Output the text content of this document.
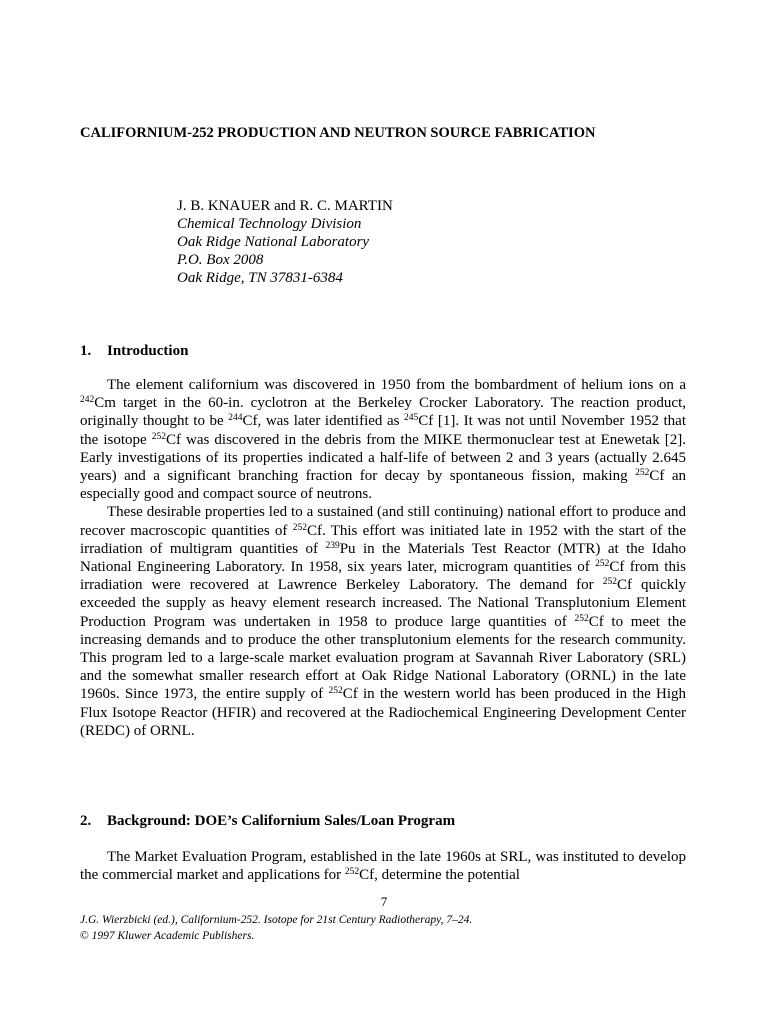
CALIFORNIUM-252 PRODUCTION AND NEUTRON SOURCE FABRICATION
J. B. KNAUER and R. C. MARTIN
Chemical Technology Division
Oak Ridge National Laboratory
P.O. Box 2008
Oak Ridge, TN 37831-6384
1. Introduction

The element californium was discovered in 1950 from the bombardment of helium ions on a $^{242}$Cm target in the 60-in. cyclotron at the Berkeley Crocker Laboratory. The reaction product, originally thought to be $^{244}$Cf, was later identified as $^{245}$Cf [1]. It was not until November 1952 that the isotope $^{252}$Cf was discovered in the debris from the MIKE thermonuclear test at Enewetak [2]. Early investigations of its properties indicated a half-life of between 2 and 3 years (actually 2.645 years) and a significant branching fraction for decay by spontaneous fission, making $^{252}$Cf an especially good and compact source of neutrons.

These desirable properties led to a sustained (and still continuing) national effort to produce and recover macroscopic quantities of $^{252}$Cf. This effort was initiated late in 1952 with the start of the irradiation of multigram quantities of $^{239}$Pu in the Materials Test Reactor (MTR) at the Idaho National Engineering Laboratory. In 1958, six years later, microgram quantities of $^{252}$Cf from this irradiation were recovered at Lawrence Berkeley Laboratory. The demand for $^{252}$Cf quickly exceeded the supply as heavy element research increased. The National Transplutonium Element Production Program was undertaken in 1958 to produce large quantities of $^{252}$Cf to meet the increasing demands and to produce the other transplutonium elements for the research community. This program led to a large-scale market evaluation program at Savannah River Laboratory (SRL) and the somewhat smaller research effort at Oak Ridge National Laboratory (ORNL) in the late 1960s. Since 1973, the entire supply of $^{252}$Cf in the western world has been produced in the High Flux Isotope Reactor (HFIR) and recovered at the Radiochemical Engineering Development Center (REDC) of ORNL.

2. Background: DOE’s Californium Sales/Loan Program

The Market Evaluation Program, established in the late 1960s at SRL, was instituted to develop the commercial market and applications for $^{252}$Cf, determine the potential

7
J.G. Wierzbicki (ed.), Californium-252. Isotope for 21st Century Radiotherapy, 7–24.
© 1997 Kluwer Academic Publishers.
